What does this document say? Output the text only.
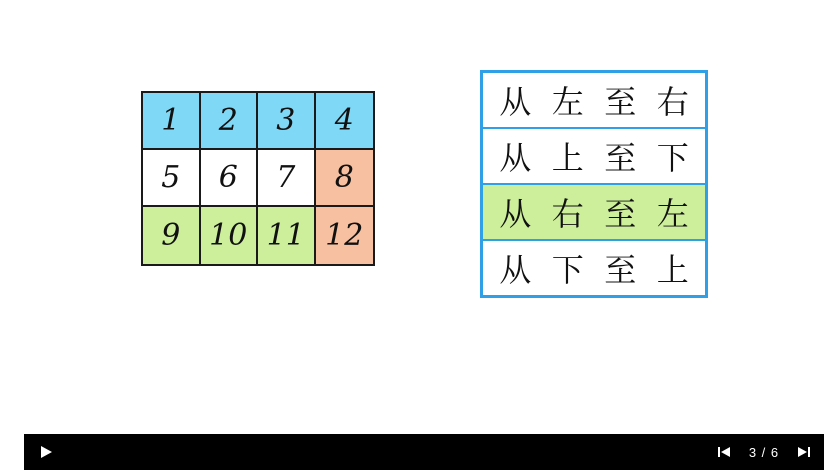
1	2	3	4
5	6	7	8
9 10 11 12
从 左 至 右
从 上 至 下
从 右 至 左
从 下 至 上
3 / 6
